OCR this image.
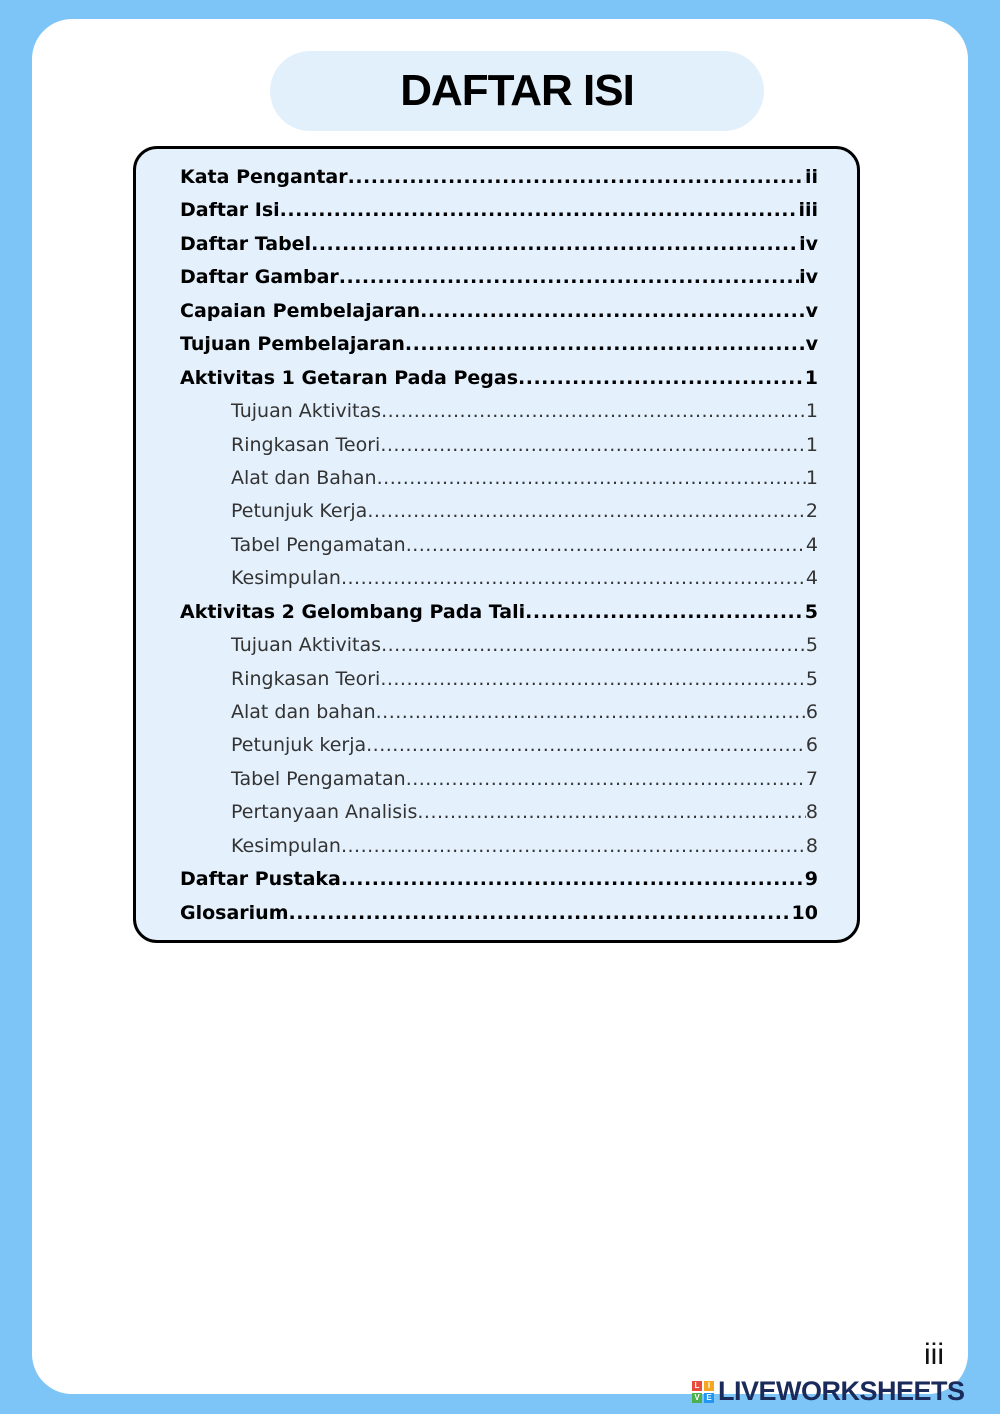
DAFTAR ISI
Kata Pengantar .....	ii
Daftar Isi .....	iii
Daftar Tabel .....	iv
Daftar Gambar .....	iv
Capaian Pembelajaran .....	v
Tujuan Pembelajaran .....	v
Aktivitas 1 Getaran Pada Pegas .....	1
Tujuan Aktivitas .....	1
Ringkasan Teori .....	1
Alat dan Bahan .....	1
Petunjuk Kerja .....	2
Tabel Pengamatan .....	4
Kesimpulan .....	4
Aktivitas 2 Gelombang Pada Tali .....	5
Tujuan Aktivitas .....	5
Ringkasan Teori .....	5
Alat dan bahan .....	6
Petunjuk kerja .....	6
Tabel Pengamatan .....	7
Pertanyaan Analisis .....	8
Kesimpulan .....	8
Daftar Pustaka .....	9
Glosarium .....	10
iii
L	I
V E LIVEWORKSHEETS
